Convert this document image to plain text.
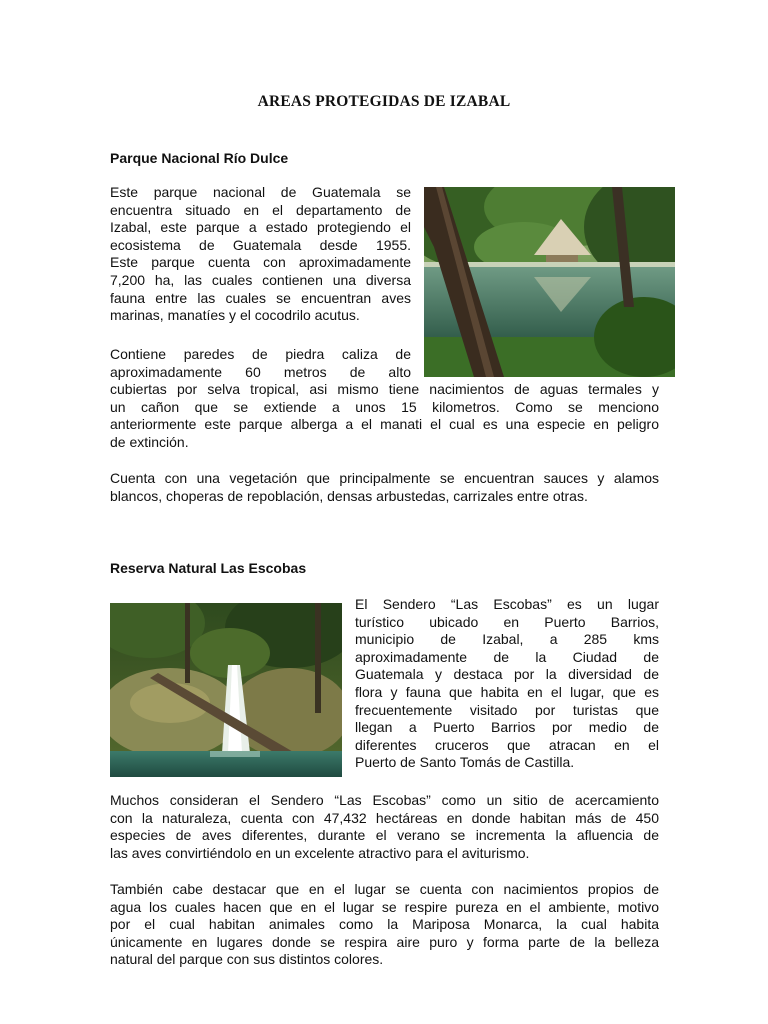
AREAS PROTEGIDAS DE IZABAL
Parque Nacional Río Dulce
Este parque nacional de Guatemala se
encuentra situado en el departamento de
Izabal, este parque a estado protegiendo el
ecosistema de Guatemala desde 1955.
Este parque cuenta con aproximadamente
7,200 ha, las cuales contienen una diversa
fauna entre las cuales se encuentran aves
marinas, manatíes y el cocodrilo acutus.
Contiene paredes de piedra caliza de
aproximadamente 60 metros de alto
cubiertas por selva tropical, asi mismo tiene nacimientos de aguas termales y
un cañon que se extiende a unos 15 kilometros. Como se menciono
anteriormente este parque alberga a el manati el cual es una especie en peligro
de extinción.
Cuenta con una vegetación que principalmente se encuentran sauces y alamos
blancos, choperas de repoblación, densas arbustedas, carrizales entre otras.
Reserva Natural Las Escobas
El Sendero “Las Escobas” es un lugar
turístico ubicado en Puerto Barrios,
municipio de Izabal, a 285 kms
aproximadamente de la Ciudad de
Guatemala y destaca por la diversidad de
flora y fauna que habita en el lugar, que es
frecuentemente visitado por turistas que
llegan a Puerto Barrios por medio de
diferentes cruceros que atracan en el
Puerto de Santo Tomás de Castilla.
Muchos consideran el Sendero “Las Escobas” como un sitio de acercamiento
con la naturaleza, cuenta con 47,432 hectáreas en donde habitan más de 450
especies de aves diferentes, durante el verano se incrementa la afluencia de
las aves convirtiéndolo en un excelente atractivo para el aviturismo.
También cabe destacar que en el lugar se cuenta con nacimientos propios de
agua los cuales hacen que en el lugar se respire pureza en el ambiente, motivo
por el cual habitan animales como la Mariposa Monarca, la cual habita
únicamente en lugares donde se respira aire puro y forma parte de la belleza
natural del parque con sus distintos colores.
